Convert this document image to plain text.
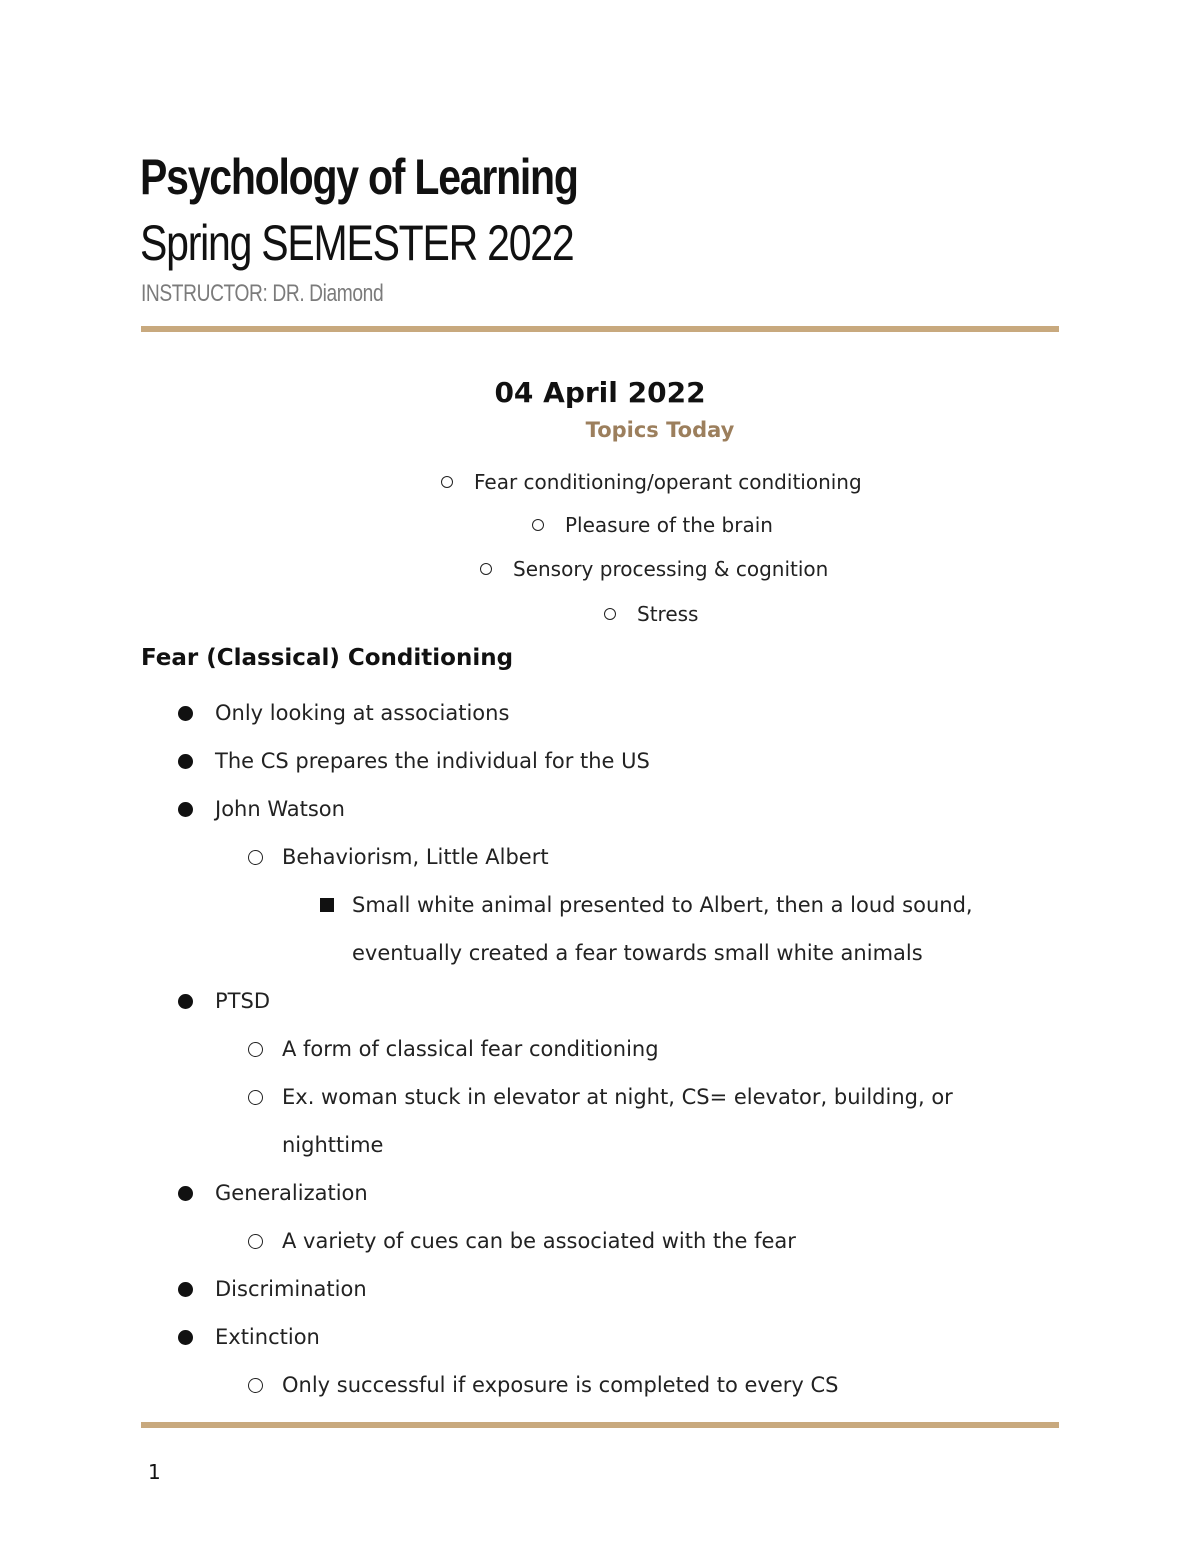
Psychology of Learning
Spring SEMESTER 2022
INSTRUCTOR: DR. Diamond
04 April 2022
Topics Today
Fear conditioning/operant conditioning
Pleasure of the brain
Sensory processing & cognition
Stress
Fear (Classical) Conditioning
Only looking at associations
The CS prepares the individual for the US
John Watson
Behaviorism, Little Albert
Small white animal presented to Albert, then a loud sound,
eventually created a fear towards small white animals
PTSD
A form of classical fear conditioning
Ex. woman stuck in elevator at night, CS= elevator, building, or
nighttime
Generalization
A variety of cues can be associated with the fear
Discrimination
Extinction
Only successful if exposure is completed to every CS
1
